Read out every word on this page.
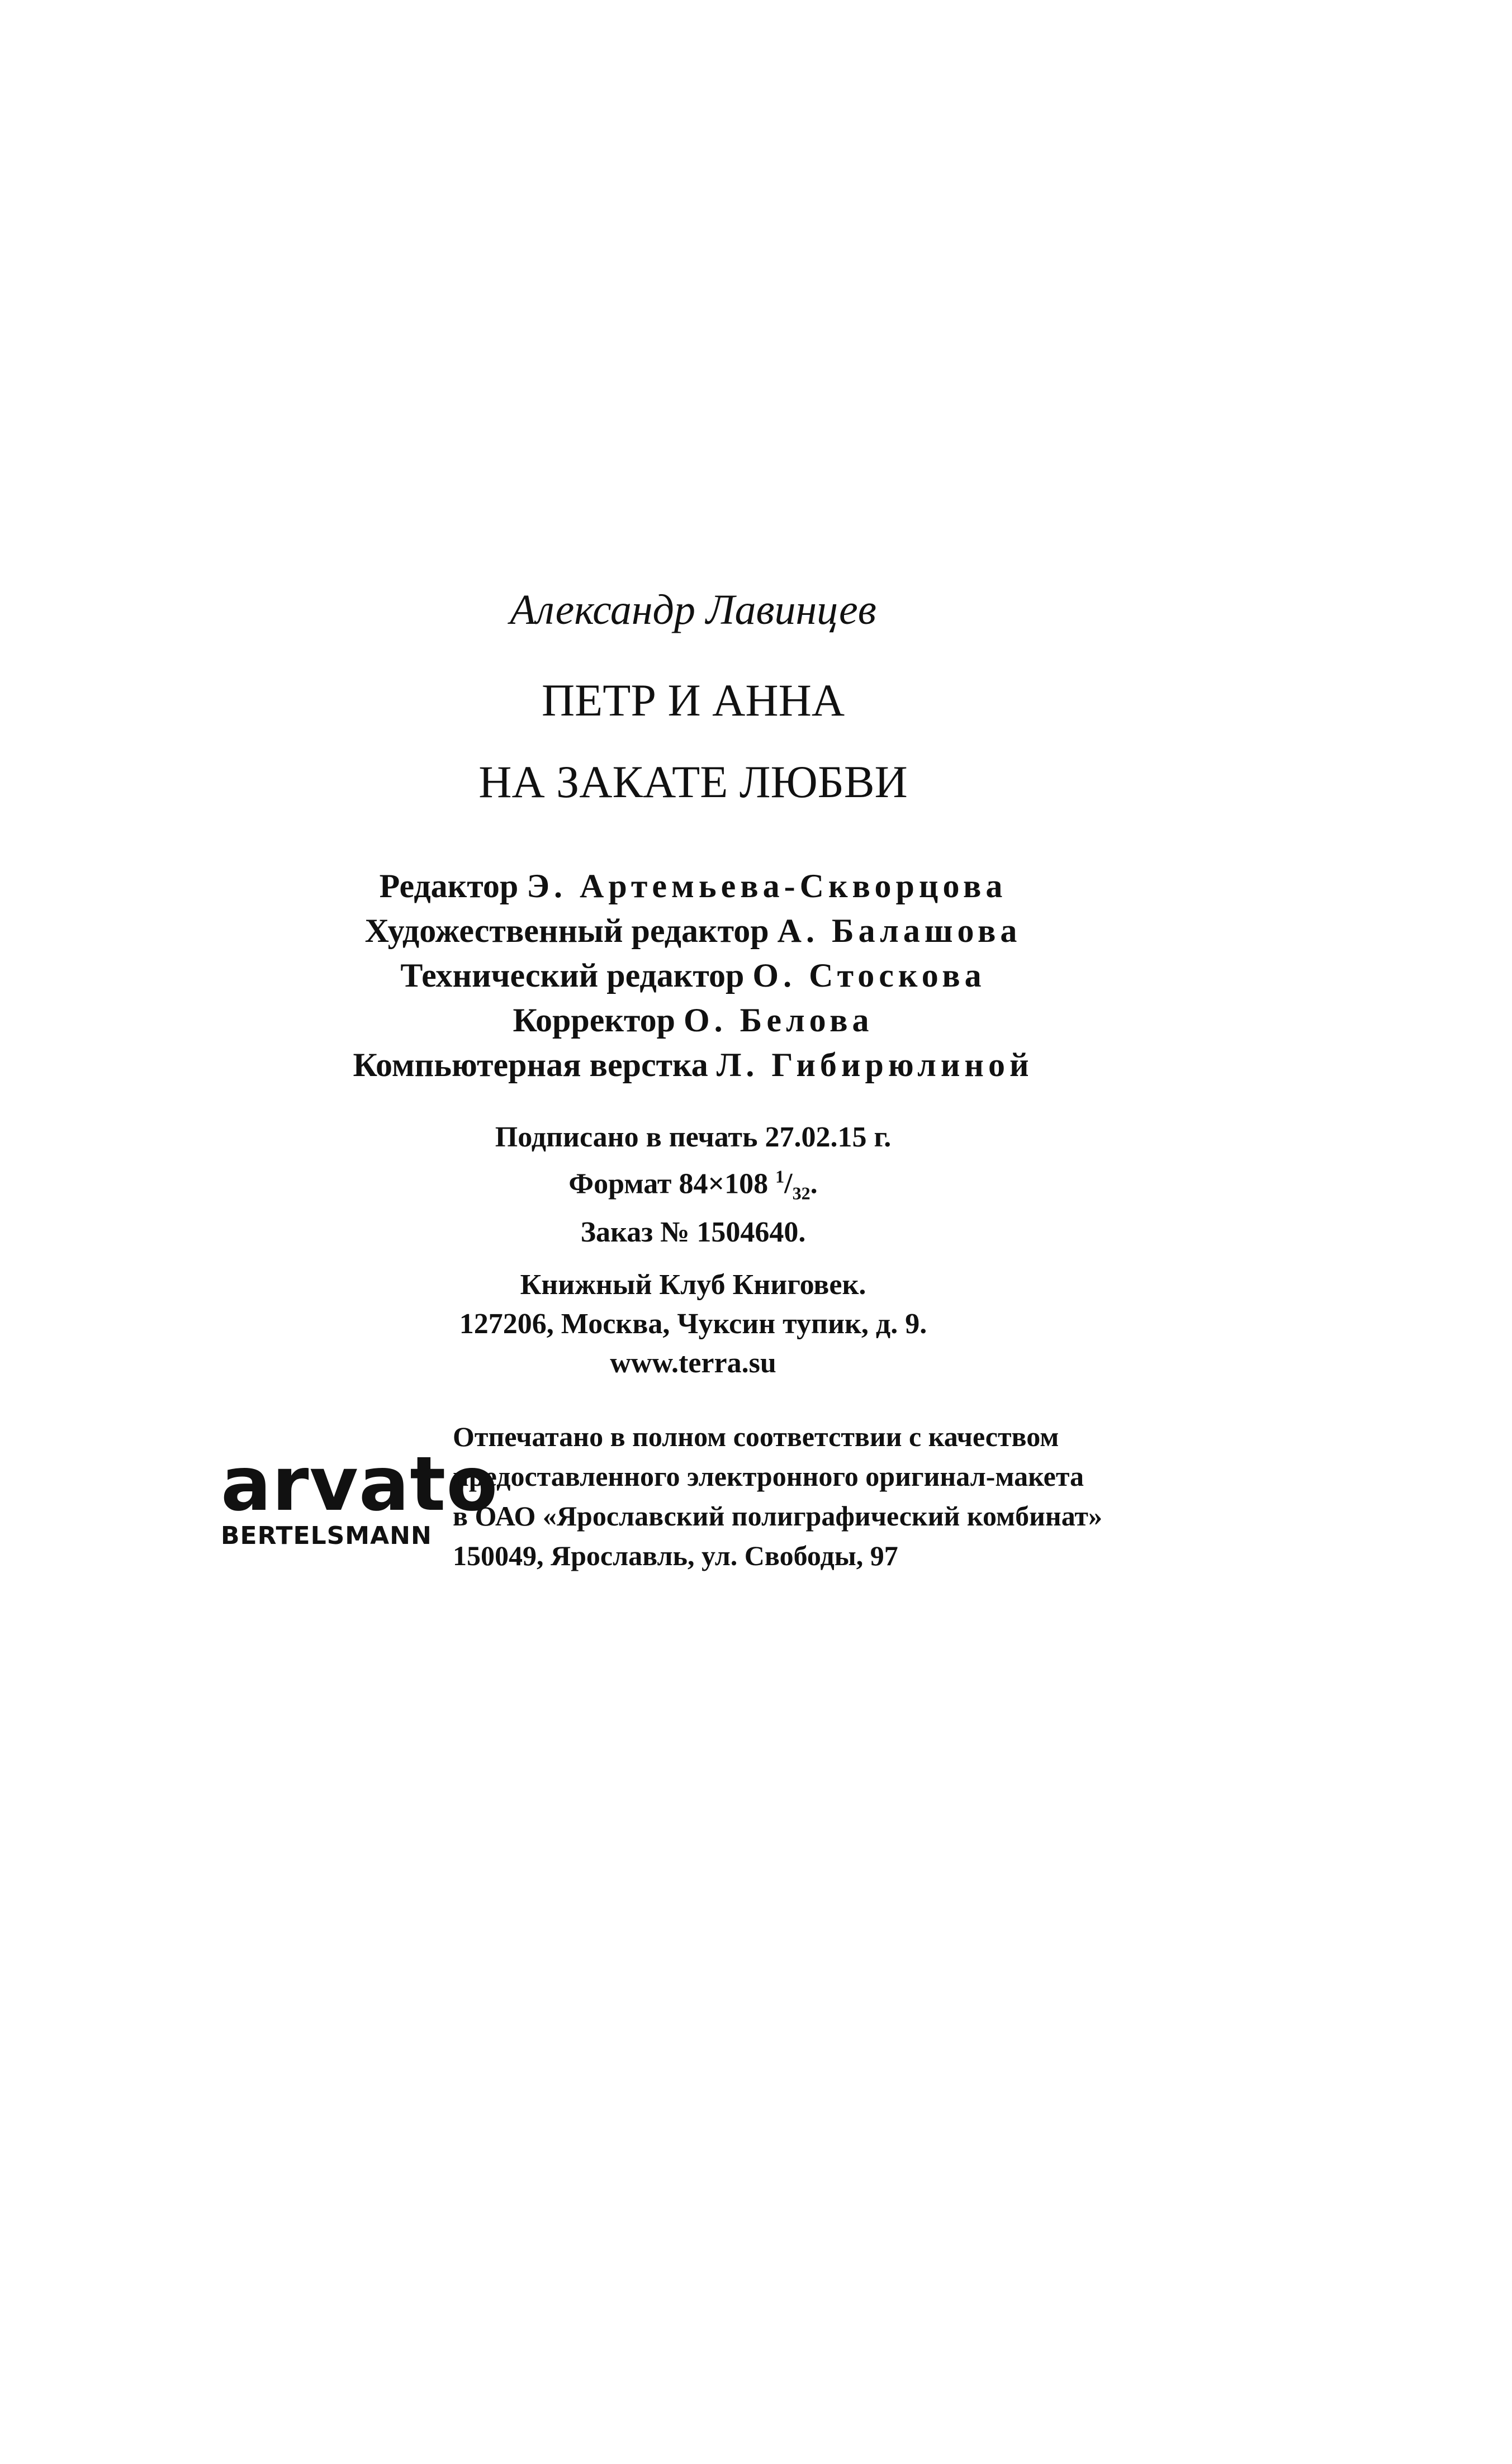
Александр Лавинцев
ПЕТР И АННА
НА ЗАКАТЕ ЛЮБВИ
Редактор Э. Артемьева-Скворцова
Художественный редактор А. Балашова
Технический редактор О. Стоскова
Корректор О. Белова
Компьютерная верстка Л. Гибирюлиной
Подписано в печать 27.02.15 г.
Формат 84×108 $^1/_{32}$.
Заказ № 1504640.
Книжный Клуб Книговек.
127206, Москва, Чуксин тупик, д. 9.
www.terra.su
arvato
BERTELSMANN
Отпечатано в полном соответствии с качеством
предоставленного электронного оригинал-макета
в ОАО «Ярославский полиграфический комбинат»
150049, Ярославль, ул. Свободы, 97
